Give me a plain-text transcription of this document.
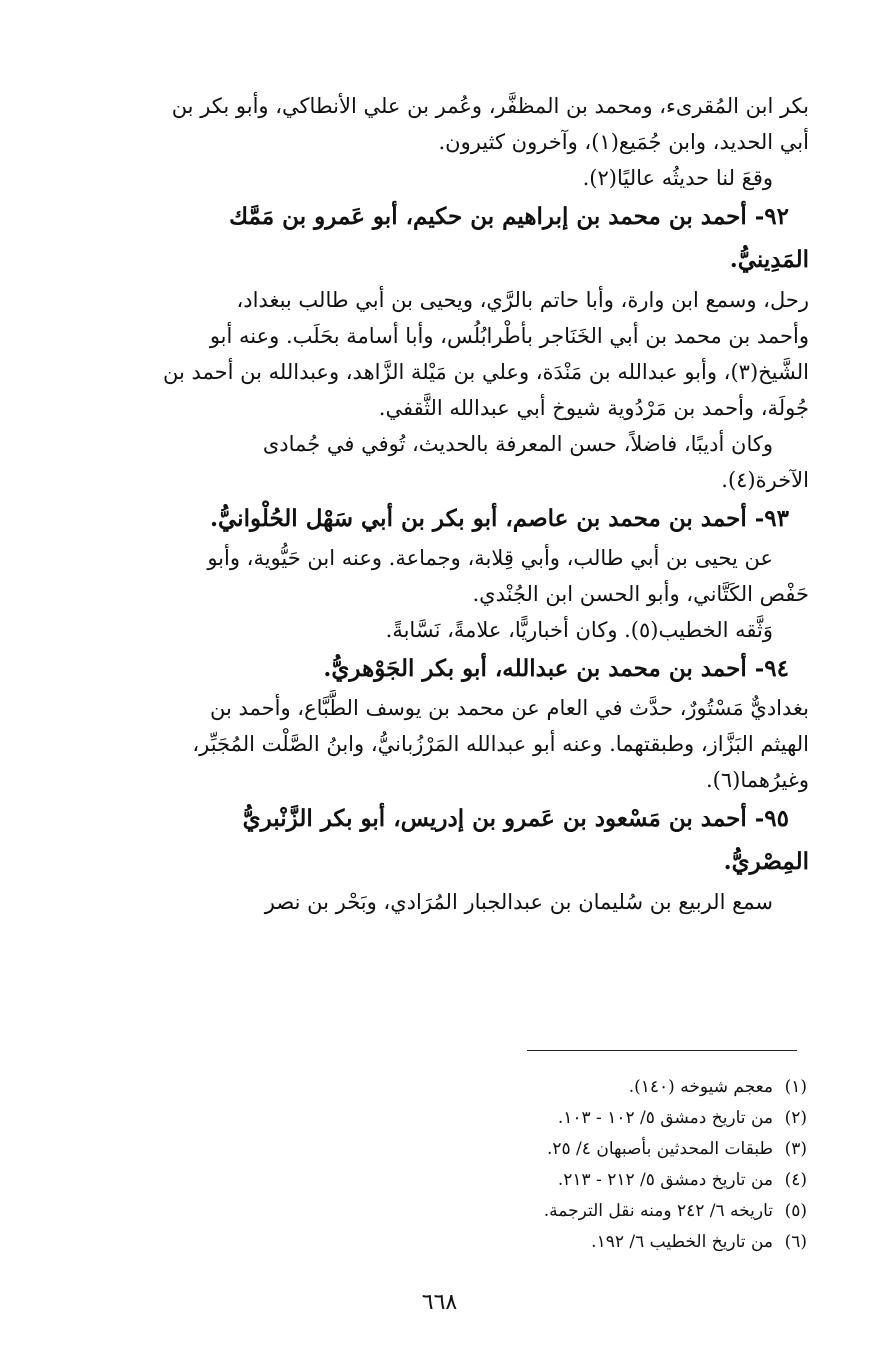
بكر ابن المُقرىء، ومحمد بن المظفَّر، وعُمر بن علي الأنطاكي، وأبو بكر بن
أبي الحديد، وابن جُمَيع(١)، وآخرون كثيرون.
وقعَ لنا حديثُه عاليًا(٢).
٩٢- أحمد بن محمد بن إبراهيم بن حكيم، أبو عَمرو بن مَمَّك
المَدِينيُّ.
رحل، وسمع ابن وارة، وأبا حاتم بالرَّي، ويحيى بن أبي طالب ببغداد،
وأحمد بن محمد بن أبي الخَنَاجر بأطْرابُلُس، وأبا أسامة بحَلَب. وعنه أبو
الشَّيخ(٣)، وأبو عبدالله بن مَنْدَة، وعلي بن مَيْلة الزَّاهد، وعبدالله بن أحمد بن
جُولَة، وأحمد بن مَرْدُوية شيوخ أبي عبدالله الثَّقفي.
وكان أديبًا، فاضلاً، حسن المعرفة بالحديث، تُوفي في جُمادى
الآخرة(٤).
٩٣- أحمد بن محمد بن عاصم، أبو بكر بن أبي سَهْل الحُلْوانيُّ.
عن يحيى بن أبي طالب، وأبي قِلابة، وجماعة. وعنه ابن حَيُّوية، وأبو
حَفْص الكَتَّاني، وأبو الحسن ابن الجُنْدي.
وَثَّقه الخطيب(٥). وكان أخباريًّا، علامةً، نَسَّابةً.
٩٤- أحمد بن محمد بن عبدالله، أبو بكر الجَوْهريُّ.
بغداديٌّ مَسْتُورٌ، حدَّث في العام عن محمد بن يوسف الطَّبَّاع، وأحمد بن
الهيثم البَزَّاز، وطبقتهما. وعنه أبو عبدالله المَرْزُبانيُّ، وابنُ الصَّلْت المُجَبِّر،
وغيرُهما(٦).
٩٥- أحمد بن مَسْعود بن عَمرو بن إدريس، أبو بكر الزَّنْبريُّ
المِصْريُّ.
سمع الربيع بن سُليمان بن عبدالجبار المُرَادي، وبَحْر بن نصر
(١)معجم شيوخه (١٤٠).
(٢)من تاريخ دمشق ٥/ ١٠٢ - ١٠٣.
(٣)طبقات المحدثين بأصبهان ٤/ ٢٥.
(٤)من تاريخ دمشق ٥/ ٢١٢ - ٢١٣.
(٥)تاريخه ٦/ ٢٤٢ ومنه نقل الترجمة.
(٦)من تاريخ الخطيب ٦/ ١٩٢.
٦٦٨
